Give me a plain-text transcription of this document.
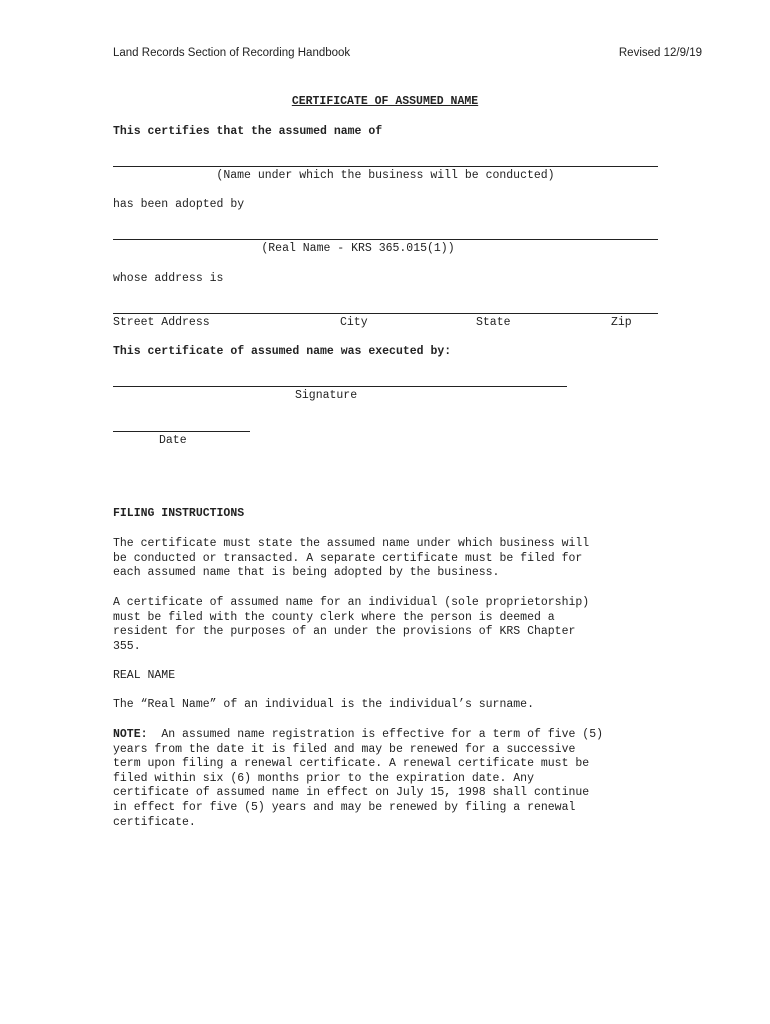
Land Records Section of Recording Handbook	Revised 12/9/19
CERTIFICATE OF ASSUMED NAME
This certifies that the assumed name of
(Name under which the business will be conducted)
has been adopted by
(Real Name - KRS 365.015(1))
whose address is
Street Address	City	State	Zip
This certificate of assumed name was executed by:
Signature
Date
FILING INSTRUCTIONS
The certificate must state the assumed name under which business will
be conducted or transacted. A separate certificate must be filed for
each assumed name that is being adopted by the business.
A certificate of assumed name for an individual (sole proprietorship)
must be filed with the county clerk where the person is deemed a
resident for the purposes of an under the provisions of KRS Chapter
355.
REAL NAME
The “Real Name” of an individual is the individual’s surname.
NOTE:  An assumed name registration is effective for a term of five (5)
years from the date it is filed and may be renewed for a successive
term upon filing a renewal certificate. A renewal certificate must be
filed within six (6) months prior to the expiration date. Any
certificate of assumed name in effect on July 15, 1998 shall continue
in effect for five (5) years and may be renewed by filing a renewal
certificate.
